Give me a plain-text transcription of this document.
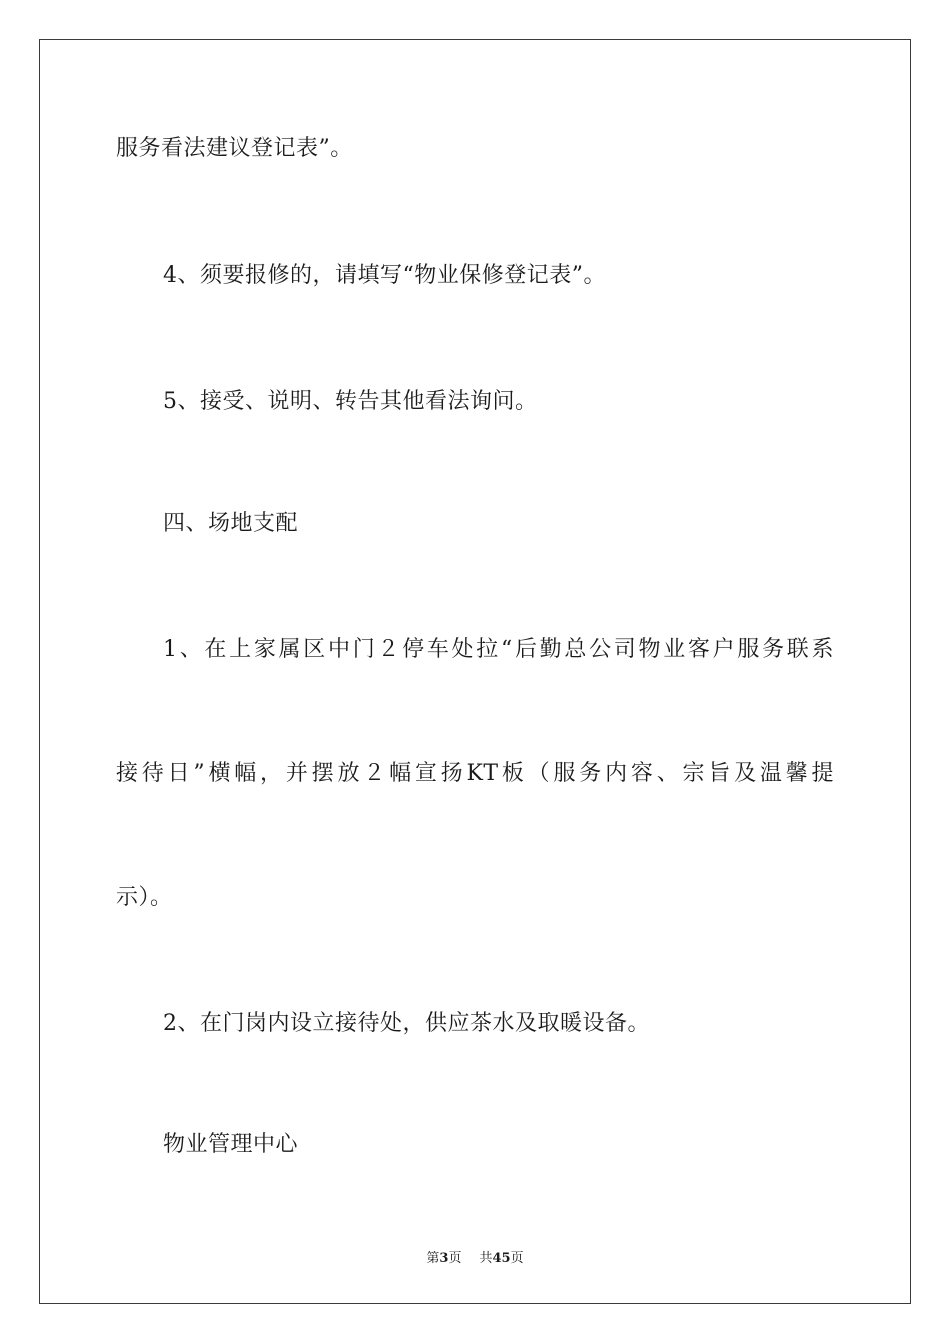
服务看法建议登记表”。
4、须要报修的，请填写“物业保修登记表”。
5、接受、说明、转告其他看法询问。
四、场地支配
1、在上家属区中门２停车处拉“后勤总公司物业客户服务联系
接待日”横幅，并摆放２幅宣扬KT板（服务内容、宗旨及温馨提
示）。
2、在门岗内设立接待处，供应茶水及取暖设备。
物业管理中心
第3页 共45页
